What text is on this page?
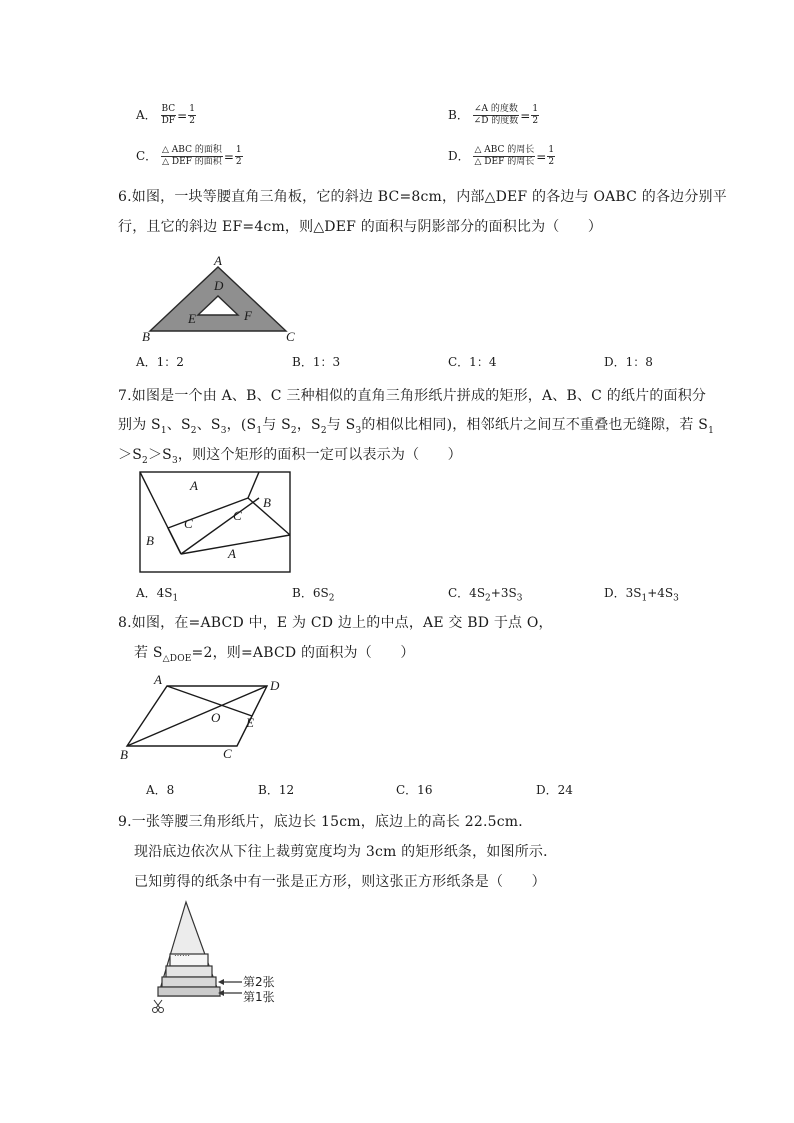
A． $\frac{BC}{DF} = \frac{1}{2}$	B． $\frac{\text{∠A 的度数}}{\text{∠D 的度数}} = \frac{1}{2}$
C． $\frac{\text{△ ABC 的面积}}{\text{△ DEF 的面积}} = \frac{1}{2}$	D． $\frac{\text{△ ABC 的周长}}{\text{△ DEF 的周长}} = \frac{1}{2}$
6.如图，一块等腰直角三角板，它的斜边 BC=8cm，内部△DEF 的各边与 OABC 的各边分别平
行，且它的斜边 EF=4cm，则△DEF 的面积与阴影部分的面积比为（　　）
A
D
E	F
B	C
A．1：2	B．1：3	C．1：4	D．1：8
7.如图是一个由 A、B、C 三种相似的直角三角形纸片拼成的矩形，A、B、C 的纸片的面积分
别为 $S_1$、$S_2$、$S_3$，($S_1$与 $S_2$，$S_2$与 $S_3$的相似比相同)，相邻纸片之间互不重叠也无缝隙，若 $S_1$
$>S_2>S_3$，则这个矩形的面积一定可以表示为（　　）
A
B
C
C
B
A
A．$4S_1$	B．$6S_2$	C．$4S_2+3S_3$	D．$3S_1+4S_3$
8.如图，在=ABCD 中，E 为 CD 边上的中点，AE 交 BD 于点 O，
若 $S_{\triangle DOE}=2$，则=ABCD 的面积为（　　）
A	D
O E
B	C
A．8	B．12	C．16	D．24
9.一张等腰三角形纸片，底边长 15cm，底边上的高长 22.5cm．
现沿底边依次从下往上裁剪宽度均为 3cm 的矩形纸条，如图所示．
已知剪得的纸条中有一张是正方形，则这张正方形纸条是（　　）
……
第2张
第1张
